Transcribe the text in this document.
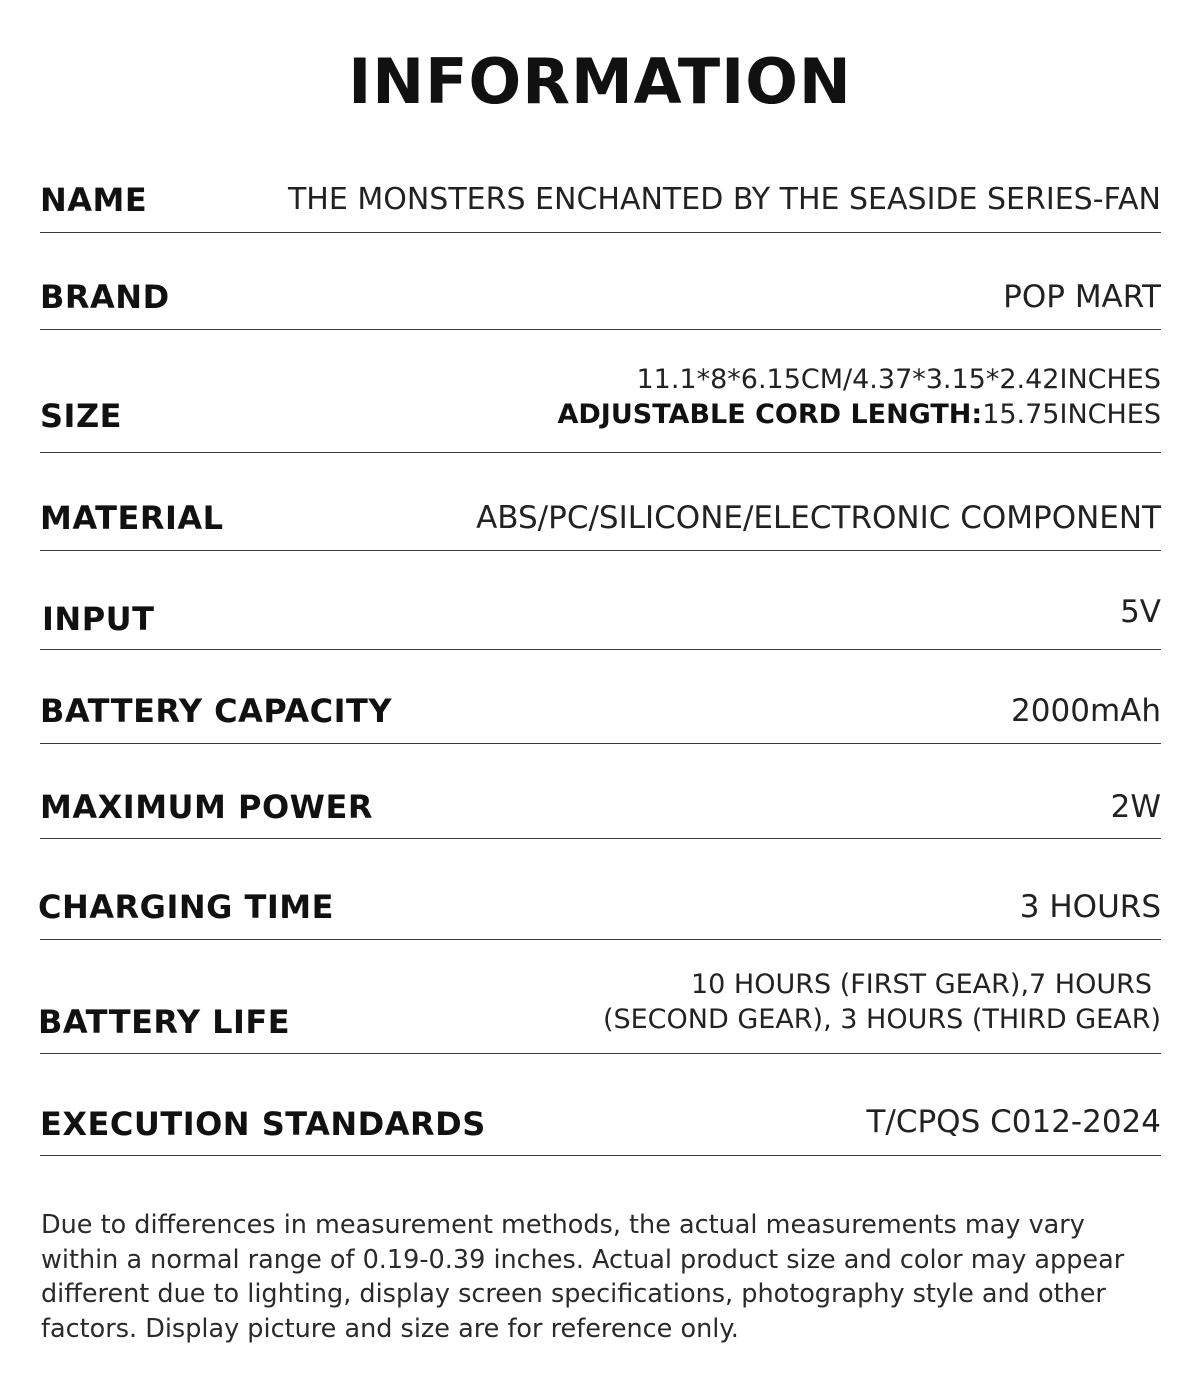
INFORMATION
NAME	THE MONSTERS ENCHANTED BY THE SEASIDE SERIES-FAN
BRAND	POP MART
SIZE
11.1*8*6.15CM/4.37*3.15*2.42INCHES
ADJUSTABLE CORD LENGTH:15.75INCHES
MATERIAL	ABS/PC/SILICONE/ELECTRONIC COMPONENT
INPUT	5V
BATTERY CAPACITY	2000mAh
MAXIMUM POWER	2W
CHARGING TIME	3 HOURS
BATTERY LIFE
10 HOURS (FIRST GEAR),7 HOURS
(SECOND GEAR), 3 HOURS (THIRD GEAR)
EXECUTION STANDARDS	T/CPQS C012-2024
Due to differences in measurement methods, the actual measurements may vary within a normal range of 0.19-0.39 inches. Actual product size and color may appear different due to lighting, display screen specifications, photography style and other factors. Display picture and size are for reference only.
